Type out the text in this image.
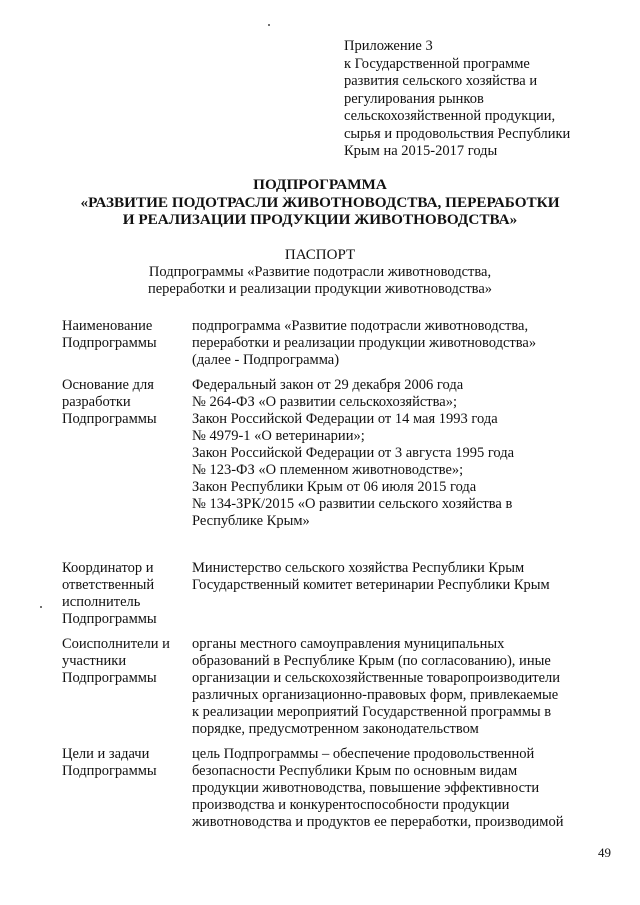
Приложение 3
к Государственной программе
развития сельского хозяйства и
регулирования рынков
сельскохозяйственной продукции,
сырья и продовольствия Республики
Крым на 2015-2017 годы
ПОДПРОГРАММА
«РАЗВИТИЕ ПОДОТРАСЛИ ЖИВОТНОВОДСТВА, ПЕРЕРАБОТКИ
И РЕАЛИЗАЦИИ ПРОДУКЦИИ ЖИВОТНОВОДСТВА»
ПАСПОРТ
Подпрограммы «Развитие подотрасли животноводства,
переработки и реализации продукции животноводства»
Наименование
Подпрограммы
подпрограмма «Развитие подотрасли животноводства,
переработки и реализации продукции животноводства»
(далее - Подпрограмма)
Основание для
разработки
Подпрограммы
Федеральный закон от 29 декабря 2006 года
№ 264-ФЗ «О развитии сельскохозяйства»;
Закон Российской Федерации от 14 мая 1993 года
№ 4979-1 «О ветеринарии»;
Закон Российской Федерации от 3 августа 1995 года
№ 123-ФЗ «О племенном животноводстве»;
Закон Республики Крым от 06 июля 2015 года
№ 134-ЗРК/2015 «О развитии сельского хозяйства в
Республике Крым»
Координатор и
ответственный
исполнитель
Подпрограммы
Министерство сельского хозяйства Республики Крым
Государственный комитет ветеринарии Республики Крым
Соисполнители и
участники
Подпрограммы
органы местного самоуправления муниципальных
образований в Республике Крым (по согласованию), иные
организации и сельскохозяйственные товаропроизводители
различных организационно-правовых форм, привлекаемые
к реализации мероприятий Государственной программы в
порядке, предусмотренном законодательством
Цели и задачи
Подпрограммы
цель Подпрограммы – обеспечение продовольственной
безопасности Республики Крым по основным видам
продукции животноводства, повышение эффективности
производства и конкурентоспособности продукции
животноводства и продуктов ее переработки, производимой
49
